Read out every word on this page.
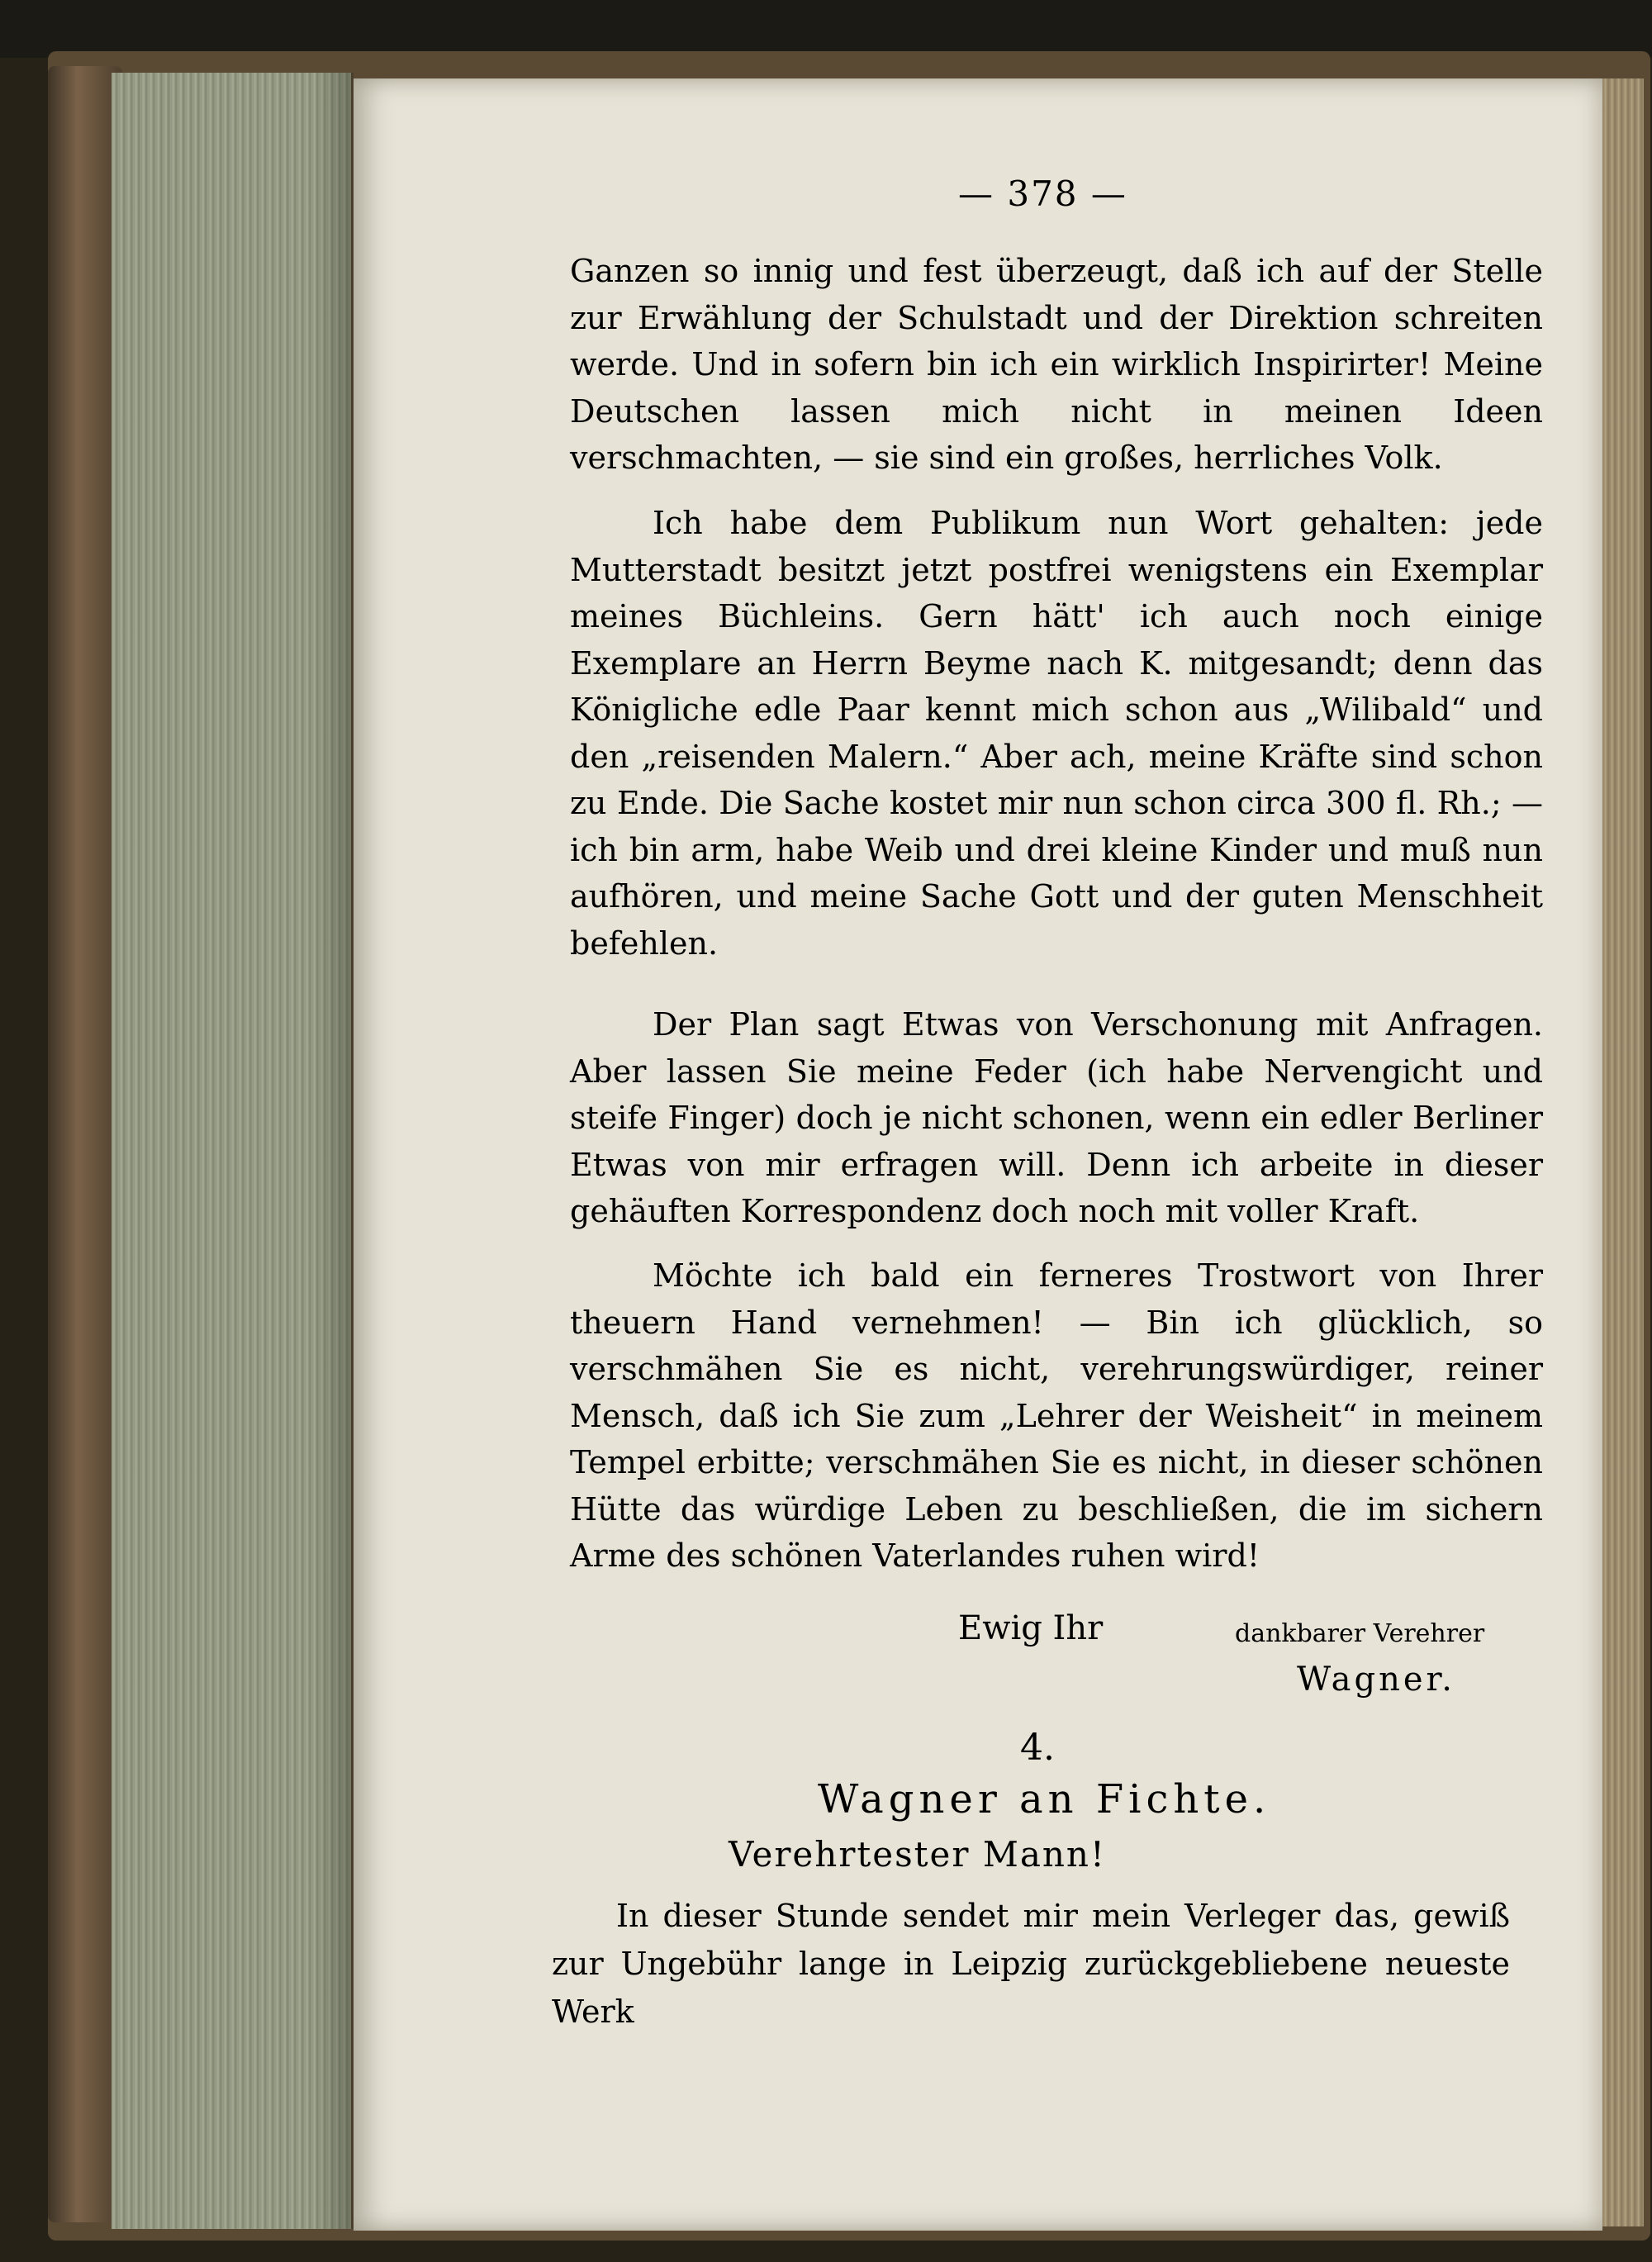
— 378 —
Ganzen so innig und fest überzeugt, daß ich auf der Stelle zur Erwählung der Schulstadt und der Direktion schreiten werde. Und in sofern bin ich ein wirklich Inspirirter! Meine Deutschen lassen mich nicht in meinen Ideen verschmachten, — sie sind ein großes, herrliches Volk.
Ich habe dem Publikum nun Wort gehalten: jede Mutterstadt besitzt jetzt postfrei wenigstens ein Exemplar meines Büchleins. Gern hätt' ich auch noch einige Exemplare an Herrn Beyme nach K. mitgesandt; denn das Königliche edle Paar kennt mich schon aus „Wilibald“ und den „reisenden Malern.“ Aber ach, meine Kräfte sind schon zu Ende. Die Sache kostet mir nun schon circa 300 fl. Rh.; — ich bin arm, habe Weib und drei kleine Kinder und muß nun aufhören, und meine Sache Gott und der guten Menschheit befehlen.
Der Plan sagt Etwas von Verschonung mit Anfragen. Aber lassen Sie meine Feder (ich habe Nervengicht und steife Finger) doch je nicht schonen, wenn ein edler Berliner Etwas von mir erfragen will. Denn ich arbeite in dieser gehäuften Korrespondenz doch noch mit voller Kraft.
Möchte ich bald ein ferneres Trostwort von Ihrer theuern Hand vernehmen! — Bin ich glücklich, so verschmähen Sie es nicht, verehrungswürdiger, reiner Mensch, daß ich Sie zum „Lehrer der Weisheit“ in meinem Tempel erbitte; verschmähen Sie es nicht, in dieser schönen Hütte das würdige Leben zu beschließen, die im sichern Arme des schönen Vaterlandes ruhen wird!
Ewig Ihr	dankbarer Verehrer
Wagner.
4.
Wagner an Fichte.
Verehrtester Mann!
In dieser Stunde sendet mir mein Verleger das, gewiß zur Ungebühr lange in Leipzig zurückgebliebene neueste Werk
